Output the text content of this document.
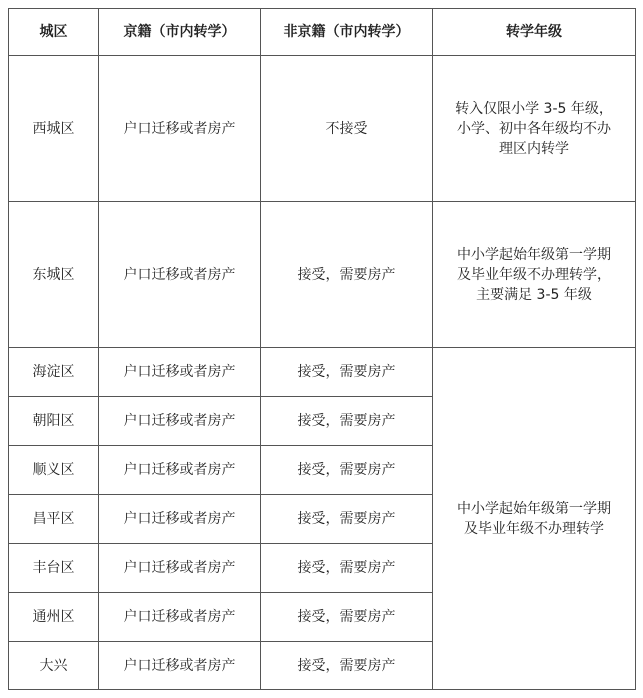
城区	京籍（市内转学）	非京籍（市内转学）	转学年级
西城区	户口迁移或者房产	不接受	转入仅限小学 3-5 年级，
小学、初中各年级均不办
理区内转学

东城区	户口迁移或者房产	接受，需要房产	中小学起始年级第一学期
及毕业年级不办理转学，
主要满足 3-5 年级

海淀区	户口迁移或者房产	接受，需要房产	中小学起始年级第一学期
及毕业年级不办理转学

朝阳区	户口迁移或者房产	接受，需要房产	
顺义区	户口迁移或者房产	接受，需要房产	
昌平区	户口迁移或者房产	接受，需要房产	
丰台区	户口迁移或者房产	接受，需要房产	
通州区	户口迁移或者房产	接受，需要房产	
大兴	户口迁移或者房产	接受，需要房产	
